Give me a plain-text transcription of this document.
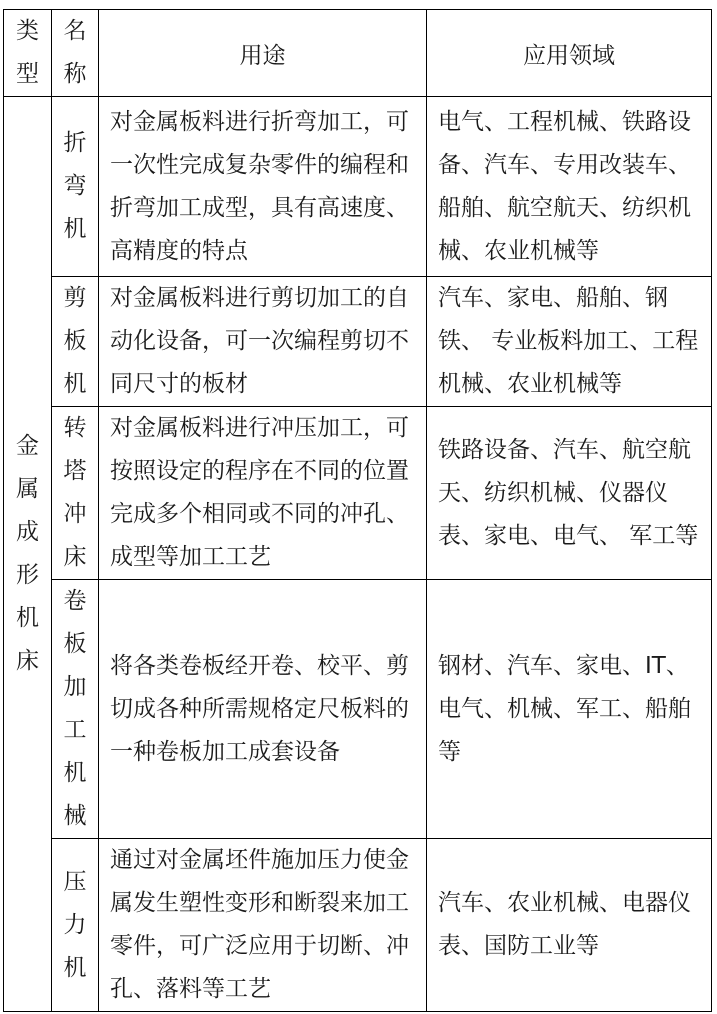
类型	名称	用途	应用领域

金属成形机床	折弯机	对金属板料进行折弯加工，可一次性完成复杂零件的编程和折弯加工成型，具有高速度、高精度的特点	电气、工程机械、铁路设备、汽车、专用改装车、船舶、航空航天、纺织机械、农业机械等

	剪板机	对金属板料进行剪切加工的自动化设备，可一次编程剪切不同尺寸的板材	汽车、家电、船舶、钢铁、 专业板料加工、工程机械、农业机械等

	转塔冲床	对金属板料进行冲压加工，可按照设定的程序在不同的位置完成多个相同或不同的冲孔、成型等加工工艺	铁路设备、汽车、航空航天、纺织机械、仪器仪表、家电、电气、 军工等

	卷板加工机械	将各类卷板经开卷、校平、剪切成各种所需规格定尺板料的一种卷板加工成套设备	钢材、汽车、家电、IT、电气、机械、军工、船舶等

	压力机	通过对金属坯件施加压力使金属发生塑性变形和断裂来加工零件，可广泛应用于切断、冲孔、落料等工艺	汽车、农业机械、电器仪表、国防工业等
